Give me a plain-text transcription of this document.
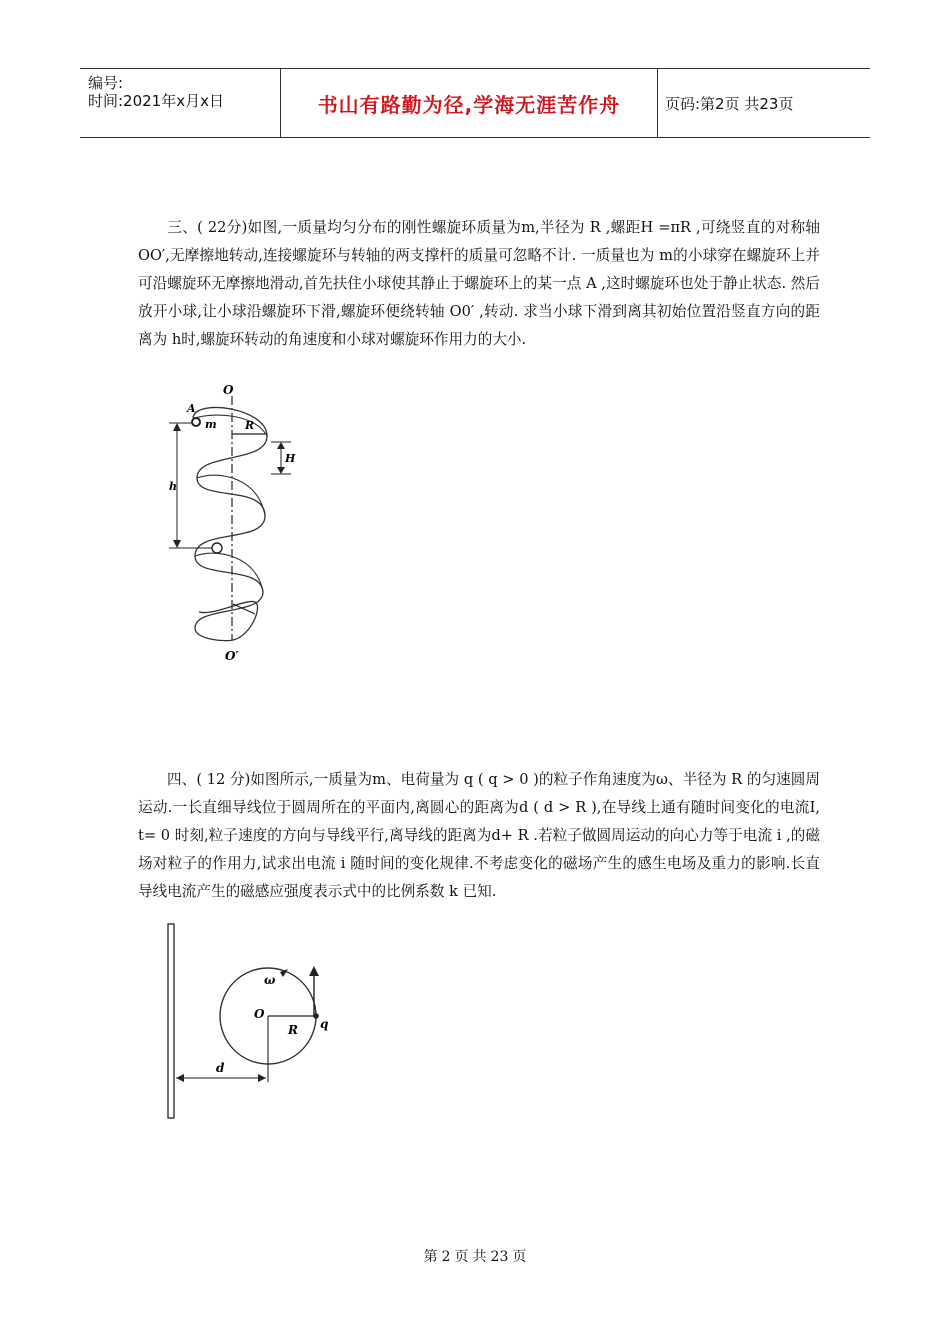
编号:
时间:2021年x月x日	书山有路勤为径,学海无涯苦作舟	页码:第2页 共23页
三、( 22分)如图,一质量均匀分布的刚性螺旋环质量为m,半径为 R ,螺距H =πR ,可绕竖直的对称轴OO′,无摩擦地转动,连接螺旋环与转轴的两支撑杆的质量可忽略不计. 一质量也为 m的小球穿在螺旋环上并可沿螺旋环无摩擦地滑动,首先扶住小球使其静止于螺旋环上的某一点 A ,这时螺旋环也处于静止状态. 然后放开小球,让小球沿螺旋环下滑,螺旋环便绕转轴 O0′ ,转动. 求当小球下滑到离其初始位置沿竖直方向的距离为 h时,螺旋环转动的角速度和小球对螺旋环作用力的大小.
O
A
m	R
H
h
O′
四、( 12 分)如图所示,一质量为m、电荷量为 q ( q > 0 )的粒子作角速度为ω、半径为 R 的匀速圆周运动.一长直细导线位于圆周所在的平面内,离圆心的距离为d ( d > R ),在导线上通有随时间变化的电流I, t= 0 时刻,粒子速度的方向与导线平行,离导线的距离为d+ R .若粒子做圆周运动的向心力等于电流 i ,的磁场对粒子的作用力,试求出电流 i 随时间的变化规律.不考虑变化的磁场产生的感生电场及重力的影响.长直导线电流产生的磁感应强度表示式中的比例系数 k 已知.
ω
O
R q
d
第 2 页 共 23 页
